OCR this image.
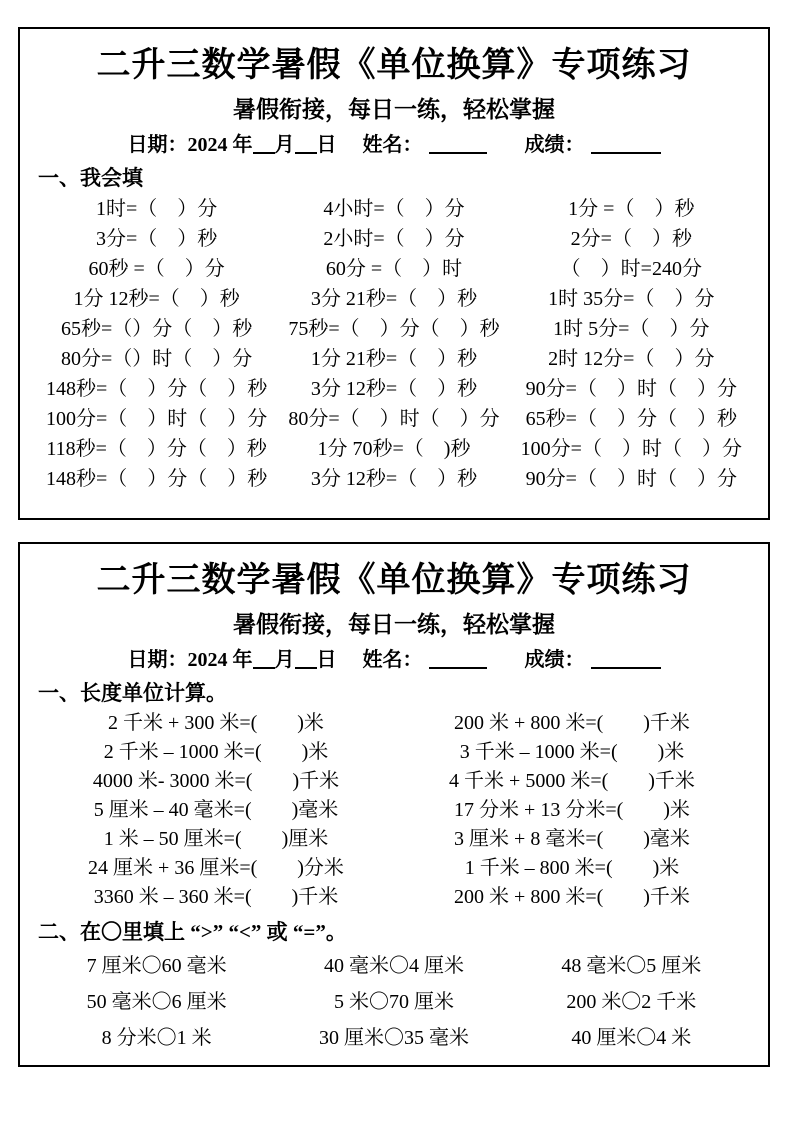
二升三数学暑假《单位换算》专项练习
暑假衔接，每日一练，轻松掌握
日期：2024 年 月 日 姓名：	成绩：
一、我会填
1时=（　）分	4小时=（　）分	1分 =（　）秒
3分=（　）秒	2小时=（　）分	2分=（　）秒
60秒 =（　）分	60分 =（　）时	（　）时=240分
1分 12秒=（　）秒	3分 21秒=（　）秒	1时 35分=（　）分
65秒=（）分（　）秒	75秒=（　）分（　）秒	1时 5分=（　）分
80分=（）时（　）分	1分 21秒=（　）秒	2时 12分=（　）分
148秒=（　）分（　）秒	3分 12秒=（　）秒	90分=（　）时（　）分
100分=（　）时（　）分	80分=（　）时（　）分	65秒=（　）分（　）秒
118秒=（　）分（　）秒	1分 70秒=（　)秒	100分=（　）时（　）分
148秒=（　）分（　）秒	3分 12秒=（　）秒	90分=（　）时（　）分
二升三数学暑假《单位换算》专项练习
暑假衔接，每日一练，轻松掌握
日期：2024 年 月 日 姓名：	成绩：
一、长度单位计算。
2 千米 + 300 米=(　　)米	200 米 + 800 米=(　　)千米
2 千米 – 1000 米=(　　)米	3 千米 – 1000 米=(　　)米
4000 米- 3000 米=(　　)千米	4 千米 + 5000 米=(　　)千米
5 厘米 – 40 毫米=(　　)毫米	17 分米 + 13 分米=(　　)米
1 米 – 50 厘米=(　　)厘米	3 厘米 + 8 毫米=(　　)毫米
24 厘米 + 36 厘米=(　　)分米	1 千米 – 800 米=(　　)米
3360 米 – 360 米=(　　)千米	200 米 + 800 米=(　　)千米
二、在〇里填上 “>” “<” 或 “=”。
7 厘米〇60 毫米	40 毫米〇4 厘米	48 毫米〇5 厘米
50 毫米〇6 厘米	5 米〇70 厘米	200 米〇2 千米
8 分米〇1 米	30 厘米〇35 毫米	40 厘米〇4 米
